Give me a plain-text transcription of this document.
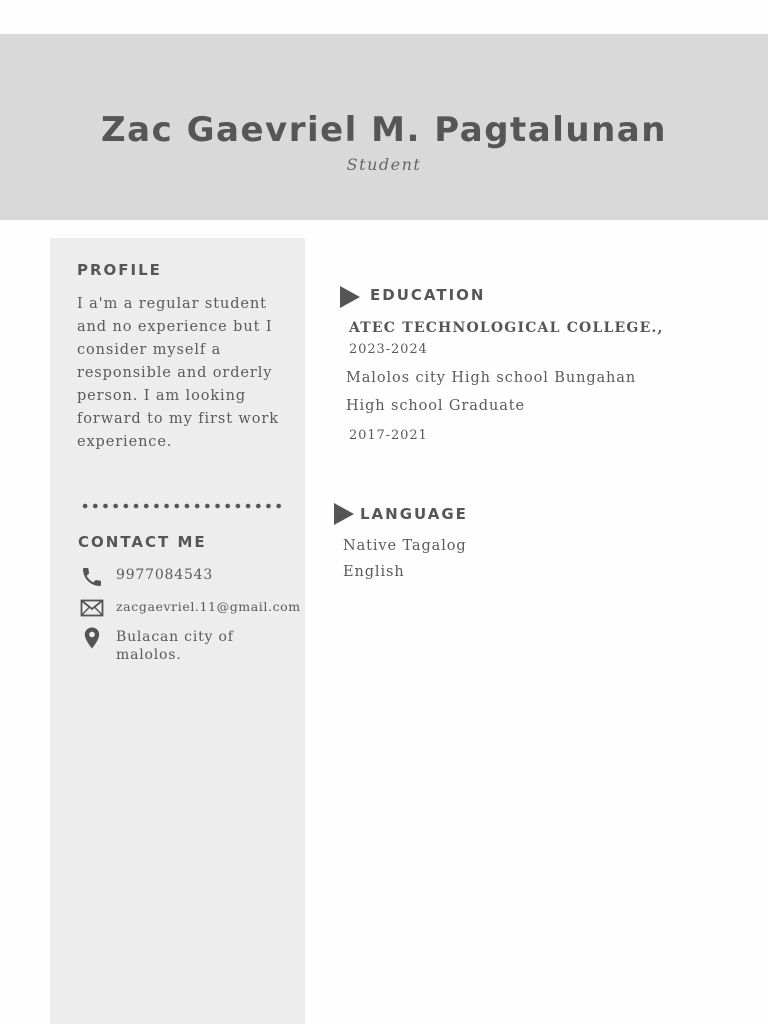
Zac Gaevriel M. Pagtalunan
Student
PROFILE
I a'm a regular student and no experience but I consider myself a responsible and orderly person. I am looking forward to my first work experience.
CONTACT ME
9977084543
zacgaevriel.11@gmail.com
Bulacan city of malolos.
EDUCATION
ATEC TECHNOLOGICAL COLLEGE.,
2023-2024
Malolos city High school Bungahan
High school Graduate
2017-2021
LANGUAGE
Native Tagalog
English
